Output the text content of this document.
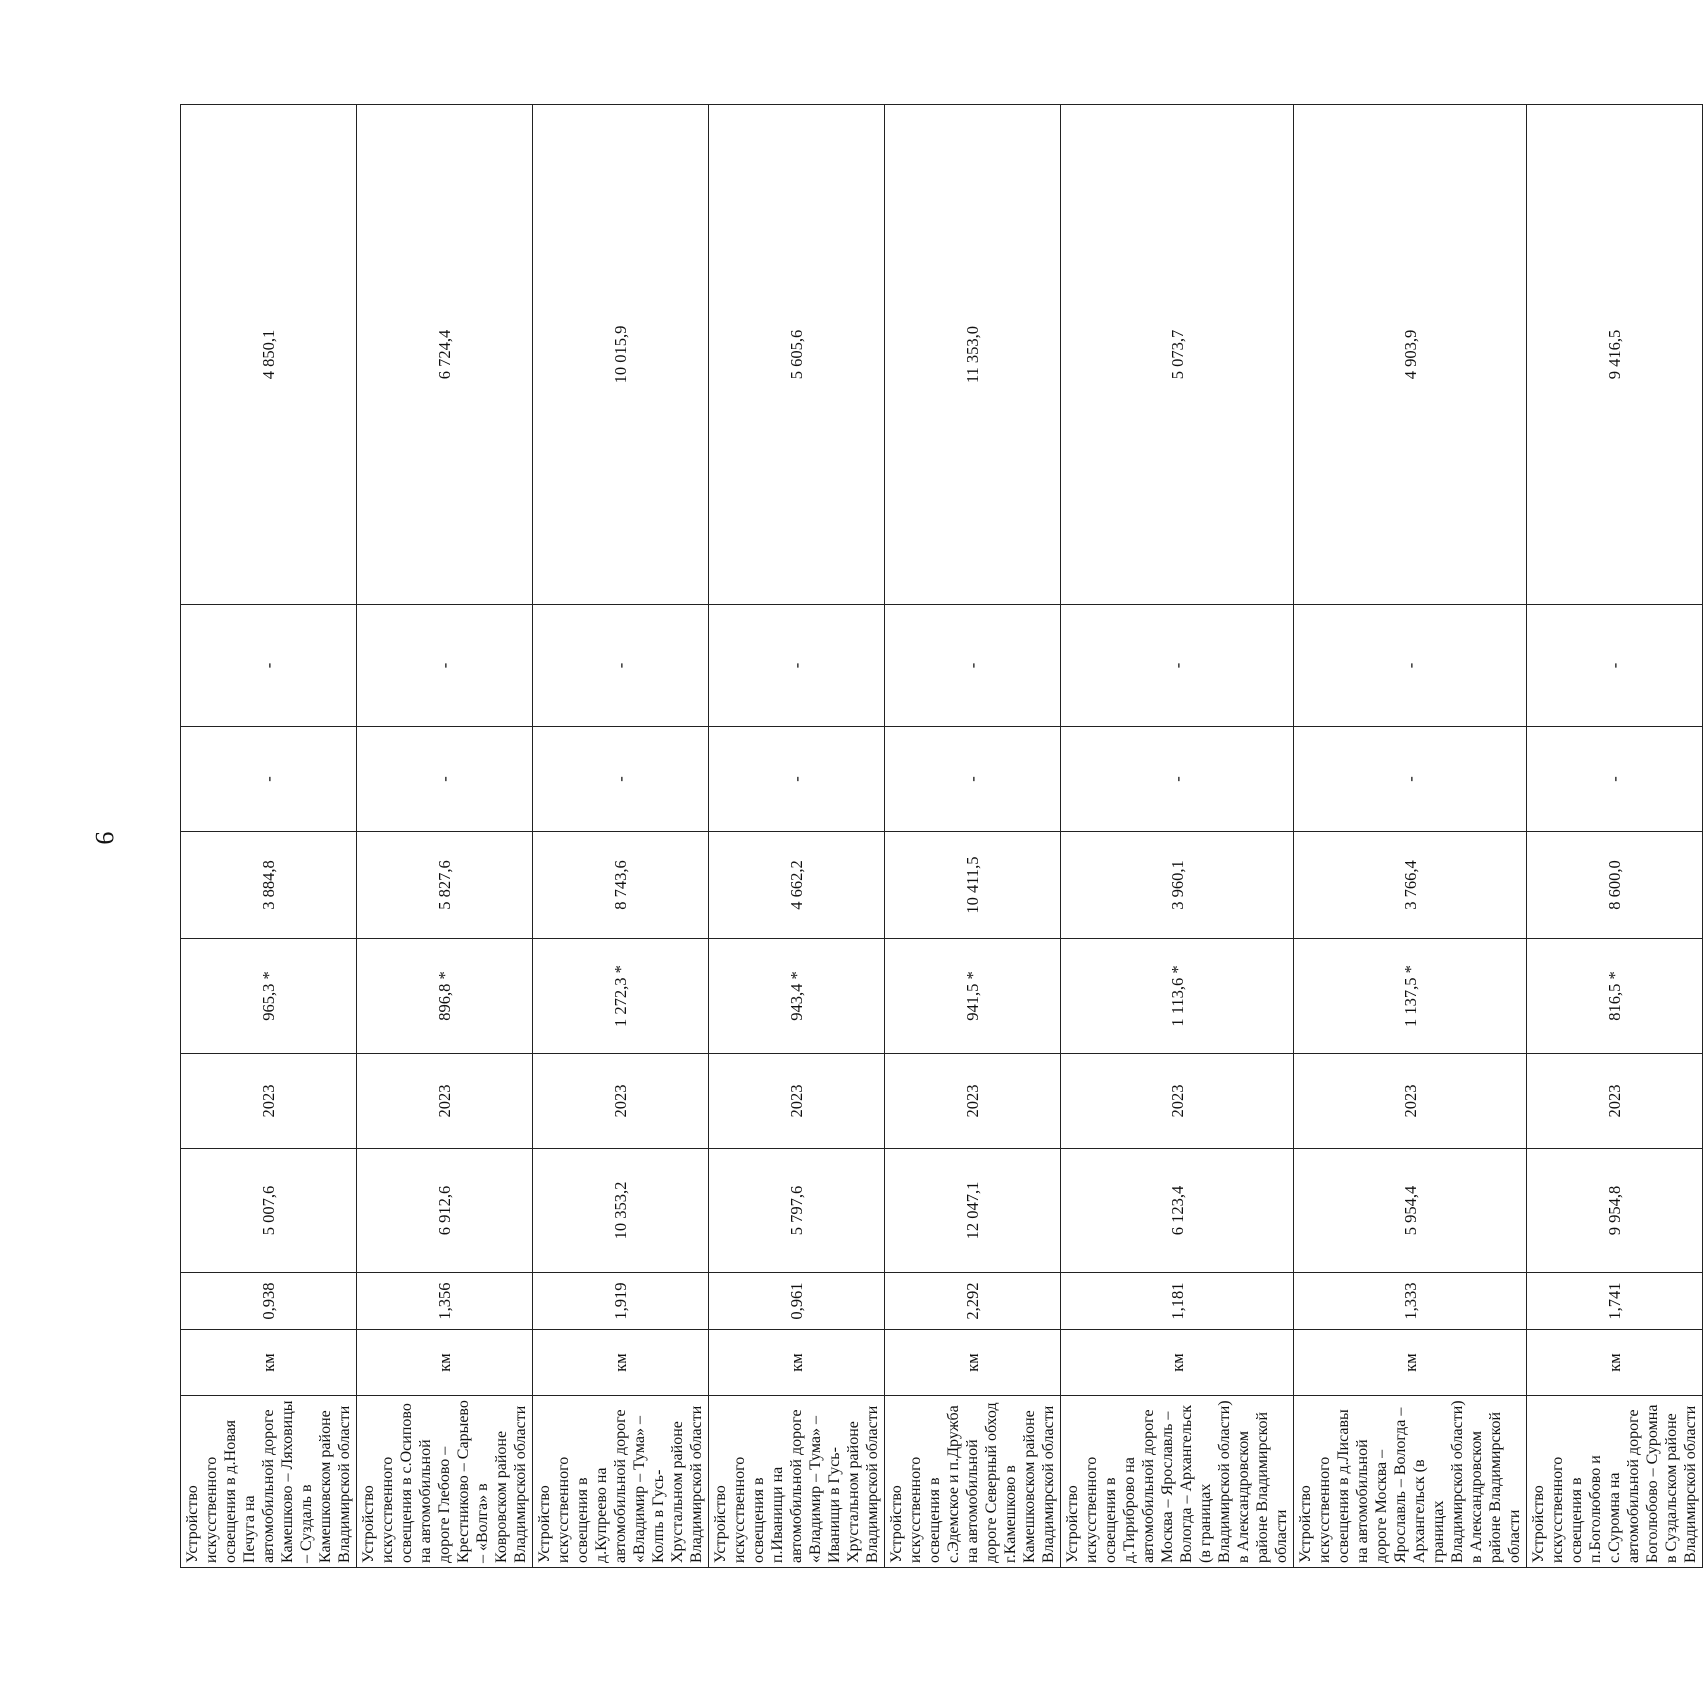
9
Устройство искусственного освещения в д.Новая Печуга на автомобильной дороге Камешково – Ляховицы – Суздаль в Камешковском районе Владимирской области	км	0,938	5 007,6	2023	965,3 *	3 884,8	-	-	4 850,1
Устройство искусственного освещения в с.Осипово на автомобильной дороге Глебово – Крестниково – Сарыево – «Волга» в Ковровском районе Владимирской области	км	1,356	6 912,6	2023	896,8 *	5 827,6	-	-	6 724,4
Устройство искусственного освещения в д.Купреево на автомобильной дороге «Владимир – Тума» – Колпь в Гусь-Хрустальном районе Владимирской области	км	1,919	10 353,2	2023	1 272,3 *	8 743,6	-	-	10 015,9
Устройство искусственного освещения в п.Иванищи на автомобильной дороге «Владимир – Тума» – Иванищи в Гусь-Хрустальном районе Владимирской области	км	0,961	5 797,6	2023	943,4 *	4 662,2	-	-	5 605,6
Устройство искусственного освещения в с.Эдемское и п.Дружба на автомобильной дороге Северный обход г.Камешково в Камешковском районе Владимирской области	км	2,292	12 047,1	2023	941,5 *	10 411,5	-	-	11 353,0
Устройство искусственного освещения в д.Тириброво на автомобильной дороге Москва – Ярославль – Вологда – Архангельск (в границах Владимирской области) в Александровском районе Владимирской области	км	1,181	6 123,4	2023	1 113,6 *	3 960,1	-	-	5 073,7
Устройство искусственного освещения в д.Лисавы на автомобильной дороге Москва – Ярославль – Вологда – Архангельск (в границах Владимирской области) в Александровском районе Владимирской области	км	1,333	5 954,4	2023	1 137,5 *	3 766,4	-	-	4 903,9
Устройство искусственного освещения в п.Боголюбово и с.Суромна на автомобильной дороге Боголюбово – Суромна в Суздальском районе Владимирской области	км	1,741	9 954,8	2023	816,5 *	8 600,0	-	-	9 416,5
